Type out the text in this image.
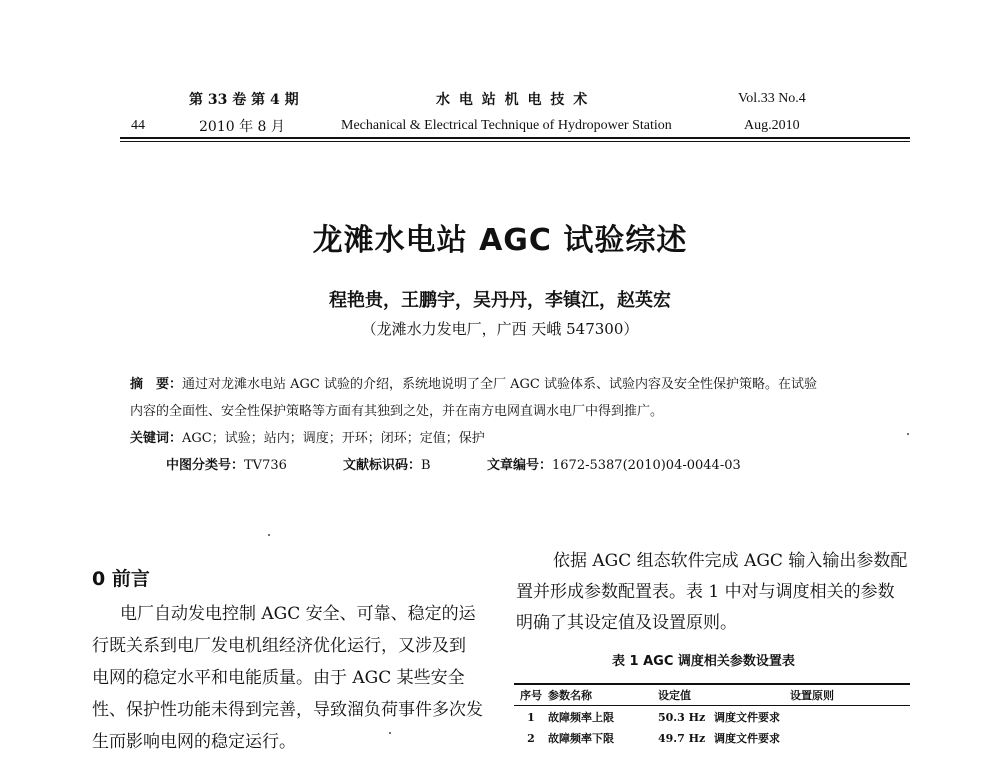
第 33 卷 第 4 期	水 电 站 机 电 技 术	Vol.33 No.4
44	2010 年 8 月	Mechanical & Electrical Technique of Hydropower Station	Aug.2010
龙滩水电站 AGC 试验综述
程艳贵，王鹏宇，吴丹丹，李镇江，赵英宏
（龙滩水力发电厂，广西 天峨 547300）
摘　要：通过对龙滩水电站 AGC 试验的介绍，系统地说明了全厂 AGC 试验体系、试验内容及安全性保护策略。在试验
内容的全面性、安全性保护策略等方面有其独到之处，并在南方电网直调水电厂中得到推广。
关键词：AGC；试验；站内；调度；开环；闭环；定值；保护
中图分类号：TV736	文献标识码：B	文章编号：1672-5387(2010)04-0044-03
0 前言
电厂自动发电控制 AGC 安全、可靠、稳定的运
行既关系到电厂发电机组经济优化运行，又涉及到
电网的稳定水平和电能质量。由于 AGC 某些安全
性、保护性功能未得到完善，导致溜负荷事件多次发
生而影响电网的稳定运行。
依据 AGC 组态软件完成 AGC 输入输出参数配
置并形成参数配置表。表 1 中对与调度相关的参数
明确了其设定值及设置原则。
表 1 AGC 调度相关参数设置表
序号	参数名称	设定值	设置原则
1	故障频率上限	50.3 Hz	调度文件要求
2	故障频率下限	49.7 Hz	调度文件要求
